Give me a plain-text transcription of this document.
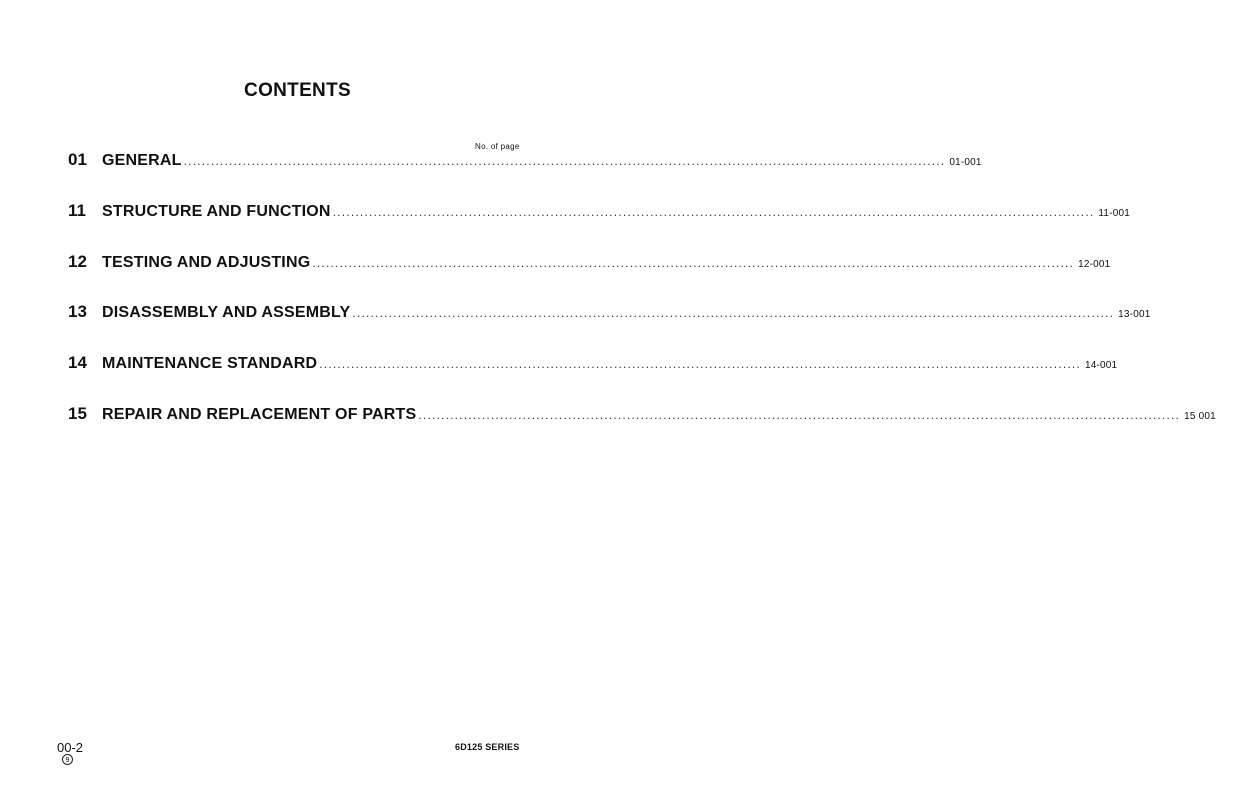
CONTENTS
No. of page
01 GENERAL ........................................................................................................................................................................ 01-001
11	STRUCTURE AND FUNCTION ........................................................................................................................................................................ 11-001
12 TESTING AND ADJUSTING ........................................................................................................................................................................ 12-001
13 DISASSEMBLY AND ASSEMBLY ........................................................................................................................................................................ 13-001
14 MAINTENANCE STANDARD ........................................................................................................................................................................ 14-001
15 REPAIR AND REPLACEMENT OF PARTS ........................................................................................................................................................................ 15 001
00-2
9
6D125 SERIES
